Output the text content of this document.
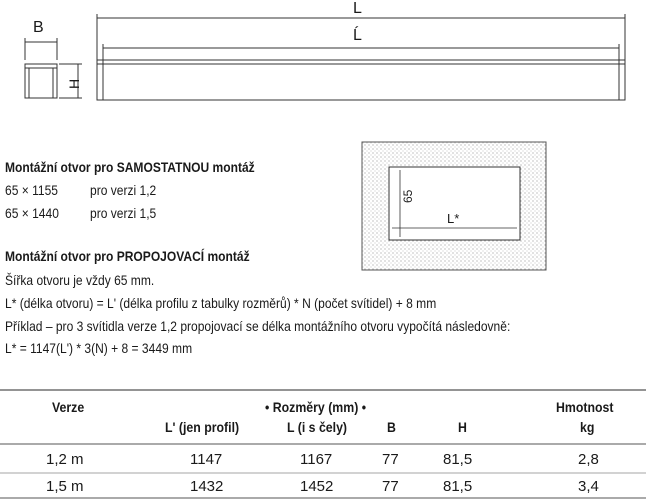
B
H
L
Ĺ
65
L*
Montážní otvor pro SAMOSTATNOU montáž
65 × 1155 pro verzi 1,2
65 × 1440 pro verzi 1,5
Montážní otvor pro PROPOJOVACÍ montáž
Šířka otvoru je vždy 65 mm.
L* (délka otvoru) = L' (délka profilu z tabulky rozměrů) * N (počet svítidel) + 8 mm
Příklad – pro 3 svítidla verze 1,2 propojovací se délka montážního otvoru vypočítá následovně:
L* = 1147(L') * 3(N) + 8 = 3449 mm
Verze	• Rozměry (mm) •
L' (jen profil)	L (i s čely)	B	H
Hmotnost
kg
1,2 m	1147	1167	77	81,5	2,8
1,5 m	1432	1452	77	81,5	3,4
